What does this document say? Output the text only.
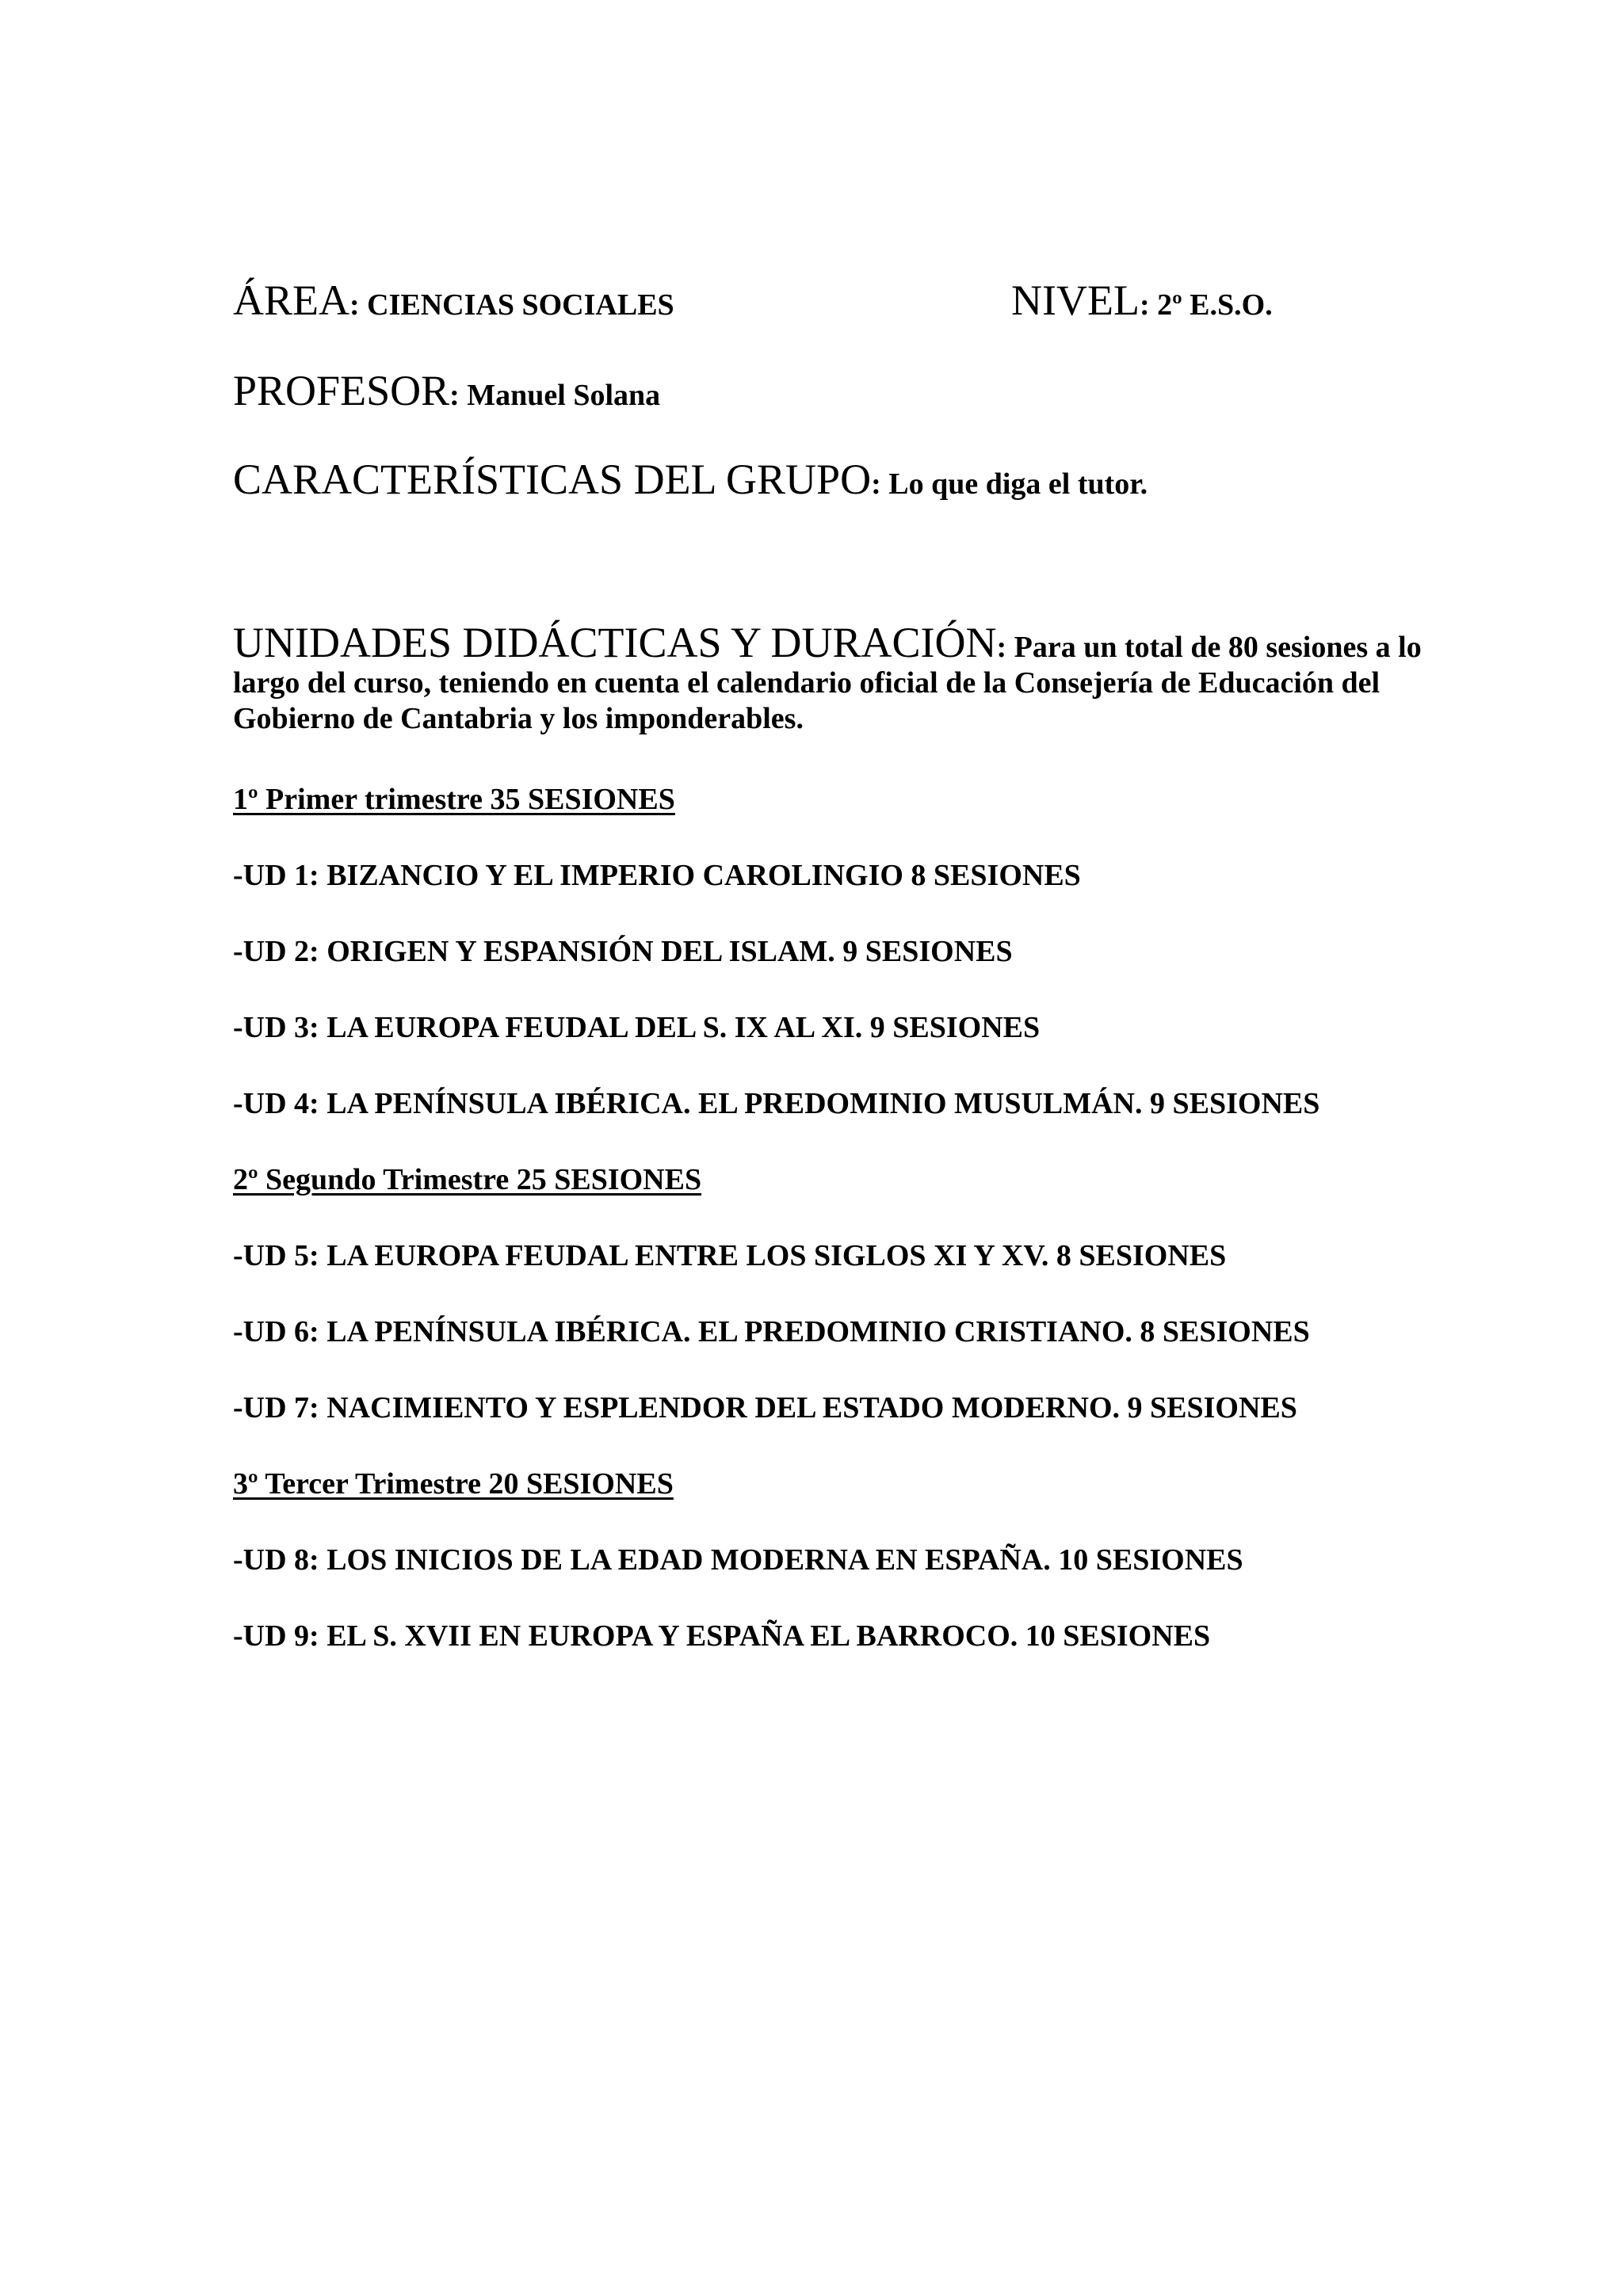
ÁREA: CIENCIAS SOCIALES	NIVEL: 2º E.S.O.
PROFESOR: Manuel Solana
CARACTERÍSTICAS DEL GRUPO: Lo que diga el tutor.
UNIDADES DIDÁCTICAS Y DURACIÓN: Para un total de 80 sesiones a lo largo del curso, teniendo en cuenta el calendario oficial de la Consejería de Educación del Gobierno de Cantabria y los imponderables.
1º Primer trimestre 35 SESIONES
-UD 1: BIZANCIO Y EL IMPERIO CAROLINGIO 8 SESIONES
-UD 2: ORIGEN Y ESPANSIÓN DEL ISLAM. 9 SESIONES
-UD 3: LA EUROPA FEUDAL DEL S. IX AL XI. 9 SESIONES
-UD 4: LA PENÍNSULA IBÉRICA. EL PREDOMINIO MUSULMÁN. 9 SESIONES
2º Segundo Trimestre 25 SESIONES
-UD 5: LA EUROPA FEUDAL ENTRE LOS SIGLOS XI Y XV. 8 SESIONES
-UD 6: LA PENÍNSULA IBÉRICA. EL PREDOMINIO CRISTIANO. 8 SESIONES
-UD 7: NACIMIENTO Y ESPLENDOR DEL ESTADO MODERNO. 9 SESIONES
3º Tercer Trimestre 20 SESIONES
-UD 8: LOS INICIOS DE LA EDAD MODERNA EN ESPAÑA. 10 SESIONES
-UD 9: EL S. XVII EN EUROPA Y ESPAÑA EL BARROCO. 10 SESIONES
